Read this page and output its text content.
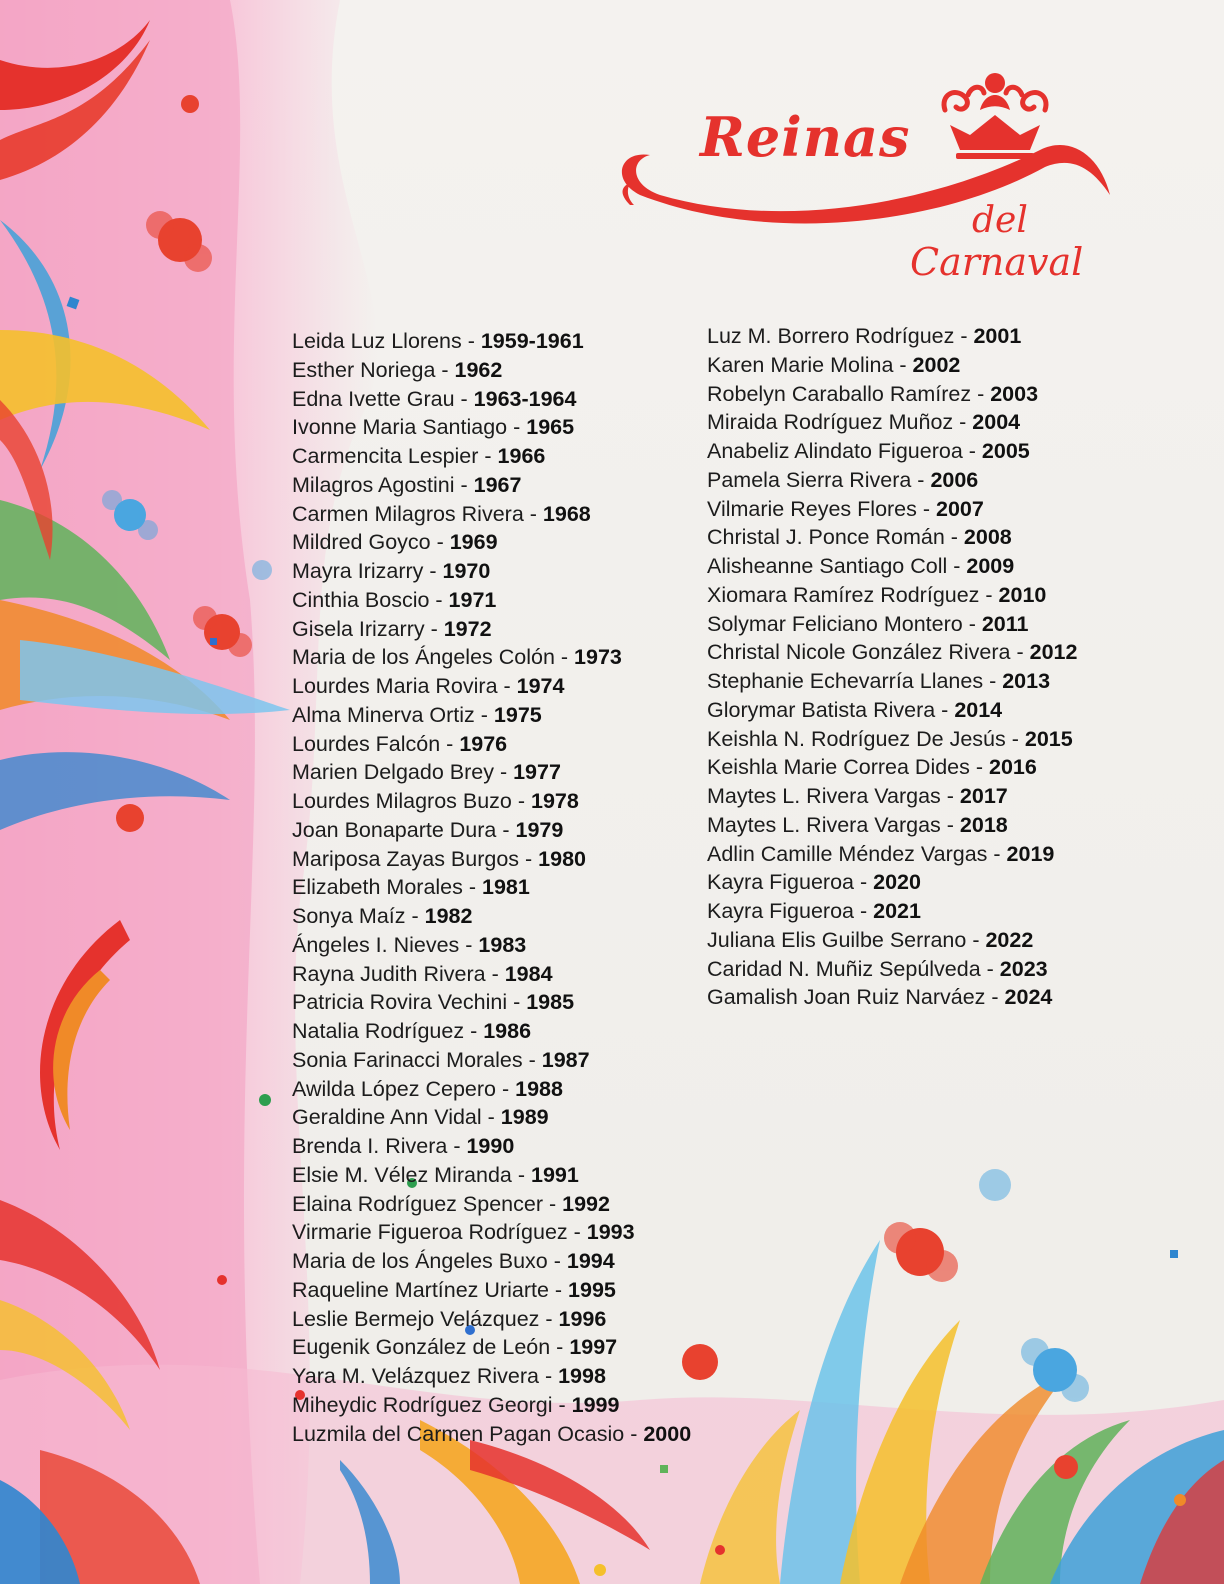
Reinas

del

Carnaval

Leida Luz Llorens - 1959-1961
Esther Noriega - 1962
Edna Ivette Grau - 1963-1964
Ivonne Maria Santiago - 1965
Carmencita Lespier - 1966
Milagros Agostini - 1967
Carmen Milagros Rivera - 1968
Mildred Goyco - 1969
Mayra Irizarry - 1970
Cinthia Boscio - 1971
Gisela Irizarry - 1972
Maria de los Ángeles Colón - 1973
Lourdes Maria Rovira - 1974
Alma Minerva Ortiz - 1975
Lourdes Falcón - 1976
Marien Delgado Brey - 1977
Lourdes Milagros Buzo - 1978
Joan Bonaparte Dura - 1979
Mariposa Zayas Burgos - 1980
Elizabeth Morales - 1981
Sonya Maíz - 1982
Ángeles I. Nieves - 1983
Rayna Judith Rivera - 1984
Patricia Rovira Vechini - 1985
Natalia Rodríguez - 1986
Sonia Farinacci Morales - 1987
Awilda López Cepero - 1988
Geraldine Ann Vidal - 1989
Brenda I. Rivera - 1990
Elsie M. Vélez Miranda - 1991
Elaina Rodríguez Spencer - 1992
Virmarie Figueroa Rodríguez - 1993
Maria de los Ángeles Buxo - 1994
Raqueline Martínez Uriarte - 1995
Leslie Bermejo Velázquez - 1996
Eugenik González de León - 1997
Yara M. Velázquez Rivera - 1998
Miheydic Rodríguez Georgi - 1999
Luzmila del Carmen Pagan Ocasio - 2000
Luz M. Borrero Rodríguez - 2001
Karen Marie Molina - 2002
Robelyn Caraballo Ramírez - 2003
Miraida Rodríguez Muñoz - 2004
Anabeliz Alindato Figueroa - 2005
Pamela Sierra Rivera - 2006
Vilmarie Reyes Flores - 2007
Christal J. Ponce Román - 2008
Alisheanne Santiago Coll - 2009
Xiomara Ramírez Rodríguez - 2010
Solymar Feliciano Montero - 2011
Christal Nicole González Rivera - 2012
Stephanie Echevarría Llanes - 2013
Glorymar Batista Rivera - 2014
Keishla N. Rodríguez De Jesús - 2015
Keishla Marie Correa Dides - 2016
Maytes L. Rivera Vargas - 2017
Maytes L. Rivera Vargas - 2018
Adlin Camille Méndez Vargas - 2019
Kayra Figueroa - 2020
Kayra Figueroa - 2021
Juliana Elis Guilbe Serrano - 2022
Caridad N. Muñiz Sepúlveda - 2023
Gamalish Joan Ruiz Narváez - 2024
